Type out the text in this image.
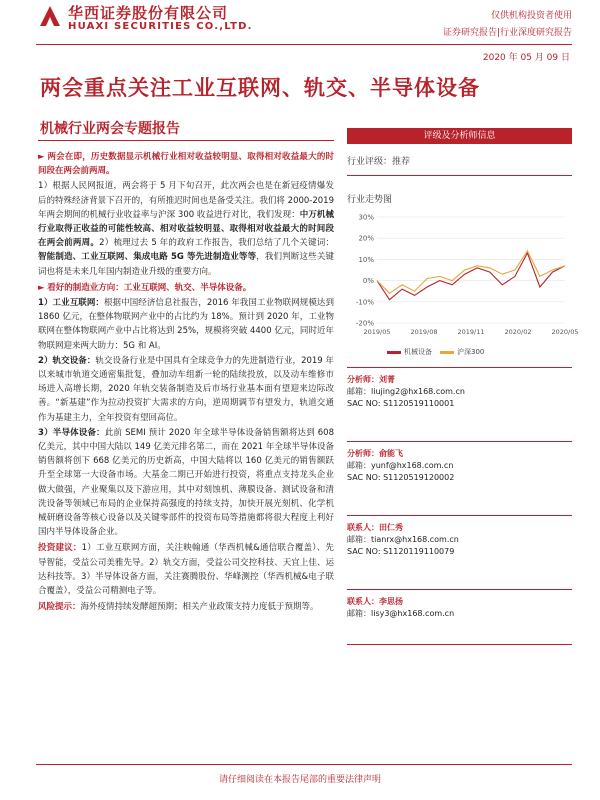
华西证券股份有限公司
HUAXI SECURITIES CO.,LTD.
仅供机构投资者使用
证券研究报告|行业深度研究报告
2020 年 05 月 09 日
两会重点关注工业互联网、轨交、半导体设备
机械行业两会专题报告
► 两会在即，历史数据显示机械行业相对收益较明显、取得相对收益最大的时间段在两会前两周。
1）根据人民网报道，两会将于 5 月下旬召开，此次两会也是在新冠疫情爆发后的特殊经济背景下召开的，有所推迟时间也是备受关注。我们将 2000-2019 年两会期间的机械行业收益率与沪深 300 收益进行对比，我们发现：中万机械行业取得正收益的可能性较高、相对收益较明显、取得相对收益最大的时间段在两会前两周。2）梳理过去 5 年的政府工作报告，我们总结了几个关键词：智能制造、工业互联网、集成电路 5G 等先进制造业等等，我们判断这些关键词也将是未来几年国内制造业升级的重要方向。
► 看好的制造业方向：工业互联网、轨交、半导体设备。
1）工业互联网：根据中国经济信息社报告，2016 年我国工业物联网规模达到 1860 亿元，在整体物联网产业中的占比约为 18%。预计到 2020 年，工业物联网在整体物联网产业中占比将达到 25%，规模将突破 4400 亿元，同时近年物联网迎来两大助力：5G 和 AI。
2）轨交设备：轨交设备行业是中国具有全球竞争力的先进制造行业，2019 年以来城市轨道交通密集批复，叠加动车组新一轮的陆续投放，以及动车维修市场进入高增长期，2020 年轨交装备制造及后市场行业基本面有望迎来边际改善。“新基建”作为拉动投资扩大需求的方向，逆周期调节有望发力，轨道交通作为基建主力，全年投资有望回高位。
3）半导体设备：此前 SEMI 预计 2020 年全球半导体设备销售额将达到 608 亿美元，其中中国大陆以 149 亿美元排名第二，而在 2021 年全球半导体设备销售额将创下 668 亿美元的历史新高，中国大陆将以 160 亿美元的销售额跃升至全球第一大设备市场。大基金二期已开始进行投资，将重点支持龙头企业做大做强，产业聚集以及下游应用，其中对刻蚀机、薄膜设备、测试设备和清洗设备等领域已布局的企业保持高强度的持续支持，加快开展光刻机、化学机械研磨设备等核心设备以及关键零部件的投资布局等措施都将很大程度上利好国内半导体设备企业。
投资建议：1）工业互联网方面，关注映翰通（华西机械&通信联合覆盖）、先导智能，受益公司美雅先导。2）轨交方面，受益公司交控科技、天宜上佳、运达科技等。3）半导体设备方面，关注赛腾股份、华峰测控（华西机械&电子联合覆盖），受益公司精测电子等。
风险提示：海外疫情持续发酵超预期；相关产业政策支持力度低于预期等。
评级及分析师信息
行业评级：推荐
行业走势图
30%
20%
10%
0%
-10%
-20%
2019/05	2019/08	2019/11	2020/02	2020/05
机械设备	沪深300
分析师：刘菁
邮箱：liujing2@hx168.com.cn
SAC NO: S1120519110001
分析师：俞能飞
邮箱：yunf@hx168.com.cn
SAC NO: S1120519120002
联系人：田仁秀
邮箱：tianrx@hx168.com.cn
SAC NO: S1120119110079
联系人：李思扬
邮箱：lisy3@hx168.com.cn
请仔细阅读在本报告尾部的重要法律声明
